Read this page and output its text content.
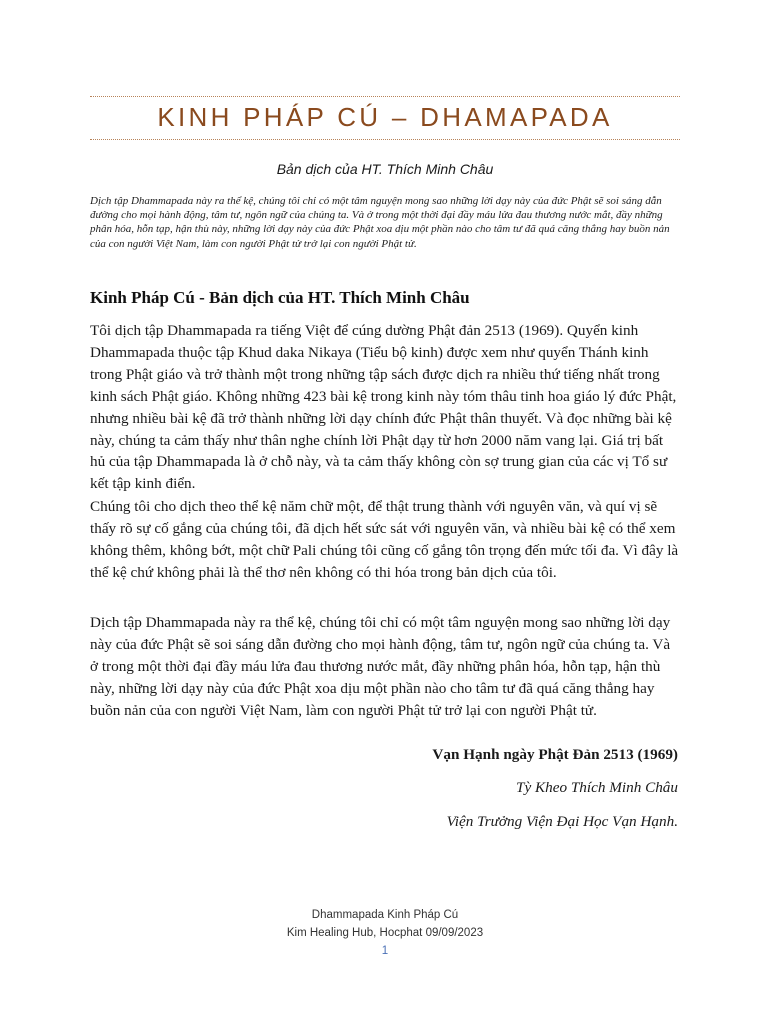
KINH PHÁP CÚ – DHAMAPADA
Bản dịch của HT. Thích Minh Châu
Dịch tập Dhammapada này ra thể kệ, chúng tôi chỉ có một tâm nguyện mong sao những lời dạy này của đức Phật sẽ soi sáng dẫn đường cho mọi hành động, tâm tư, ngôn ngữ của chúng ta. Và ở trong một thời đại đầy máu lửa đau thương nước mắt, đầy những phân hóa, hỗn tạp, hận thù này, những lời dạy này của đức Phật xoa dịu một phần nào cho tâm tư đã quá căng thẳng hay buồn nản của con người Việt Nam, làm con người Phật tử trở lại con người Phật tử.
Kinh Pháp Cú - Bản dịch của HT. Thích Minh Châu
Tôi dịch tập Dhammapada ra tiếng Việt để cúng dường Phật đản 2513 (1969). Quyển kinh Dhammapada thuộc tập Khud daka Nikaya (Tiểu bộ kinh) được xem như quyển Thánh kinh trong Phật giáo và trở thành một trong những tập sách được dịch ra nhiều thứ tiếng nhất trong kinh sách Phật giáo. Không những 423 bài kệ trong kinh này tóm thâu tinh hoa giáo lý đức Phật, nhưng nhiều bài kệ đã trở thành những lời dạy chính đức Phật thân thuyết. Và đọc những bài kệ này, chúng ta cảm thấy như thân nghe chính lời Phật dạy từ hơn 2000 năm vang lại. Giá trị bất hủ của tập Dhammapada là ở chỗ này, và ta cảm thấy không còn sợ trung gian của các vị Tổ sư kết tập kinh điển.
Chúng tôi cho dịch theo thể kệ năm chữ một, để thật trung thành với nguyên văn, và quí vị sẽ thấy rõ sự cố gắng của chúng tôi, đã dịch hết sức sát với nguyên văn, và nhiều bài kệ có thể xem không thêm, không bớt, một chữ Pali chúng tôi cũng cố gắng tôn trọng đến mức tối đa. Vì đây là thể kệ chứ không phải là thể thơ nên không có thi hóa trong bản dịch của tôi.
Dịch tập Dhammapada này ra thể kệ, chúng tôi chỉ có một tâm nguyện mong sao những lời dạy này của đức Phật sẽ soi sáng dẫn đường cho mọi hành động, tâm tư, ngôn ngữ của chúng ta. Và ở trong một thời đại đầy máu lửa đau thương nước mắt, đầy những phân hóa, hỗn tạp, hận thù này, những lời dạy này của đức Phật xoa dịu một phần nào cho tâm tư đã quá căng thẳng hay buồn nản của con người Việt Nam, làm con người Phật tử trở lại con người Phật tử.
Vạn Hạnh ngày Phật Đản 2513 (1969)
Tỳ Kheo Thích Minh Châu
Viện Trưởng Viện Đại Học Vạn Hạnh.
Dhammapada Kinh Pháp Cú
Kim Healing Hub, Hocphat 09/09/2023
1
